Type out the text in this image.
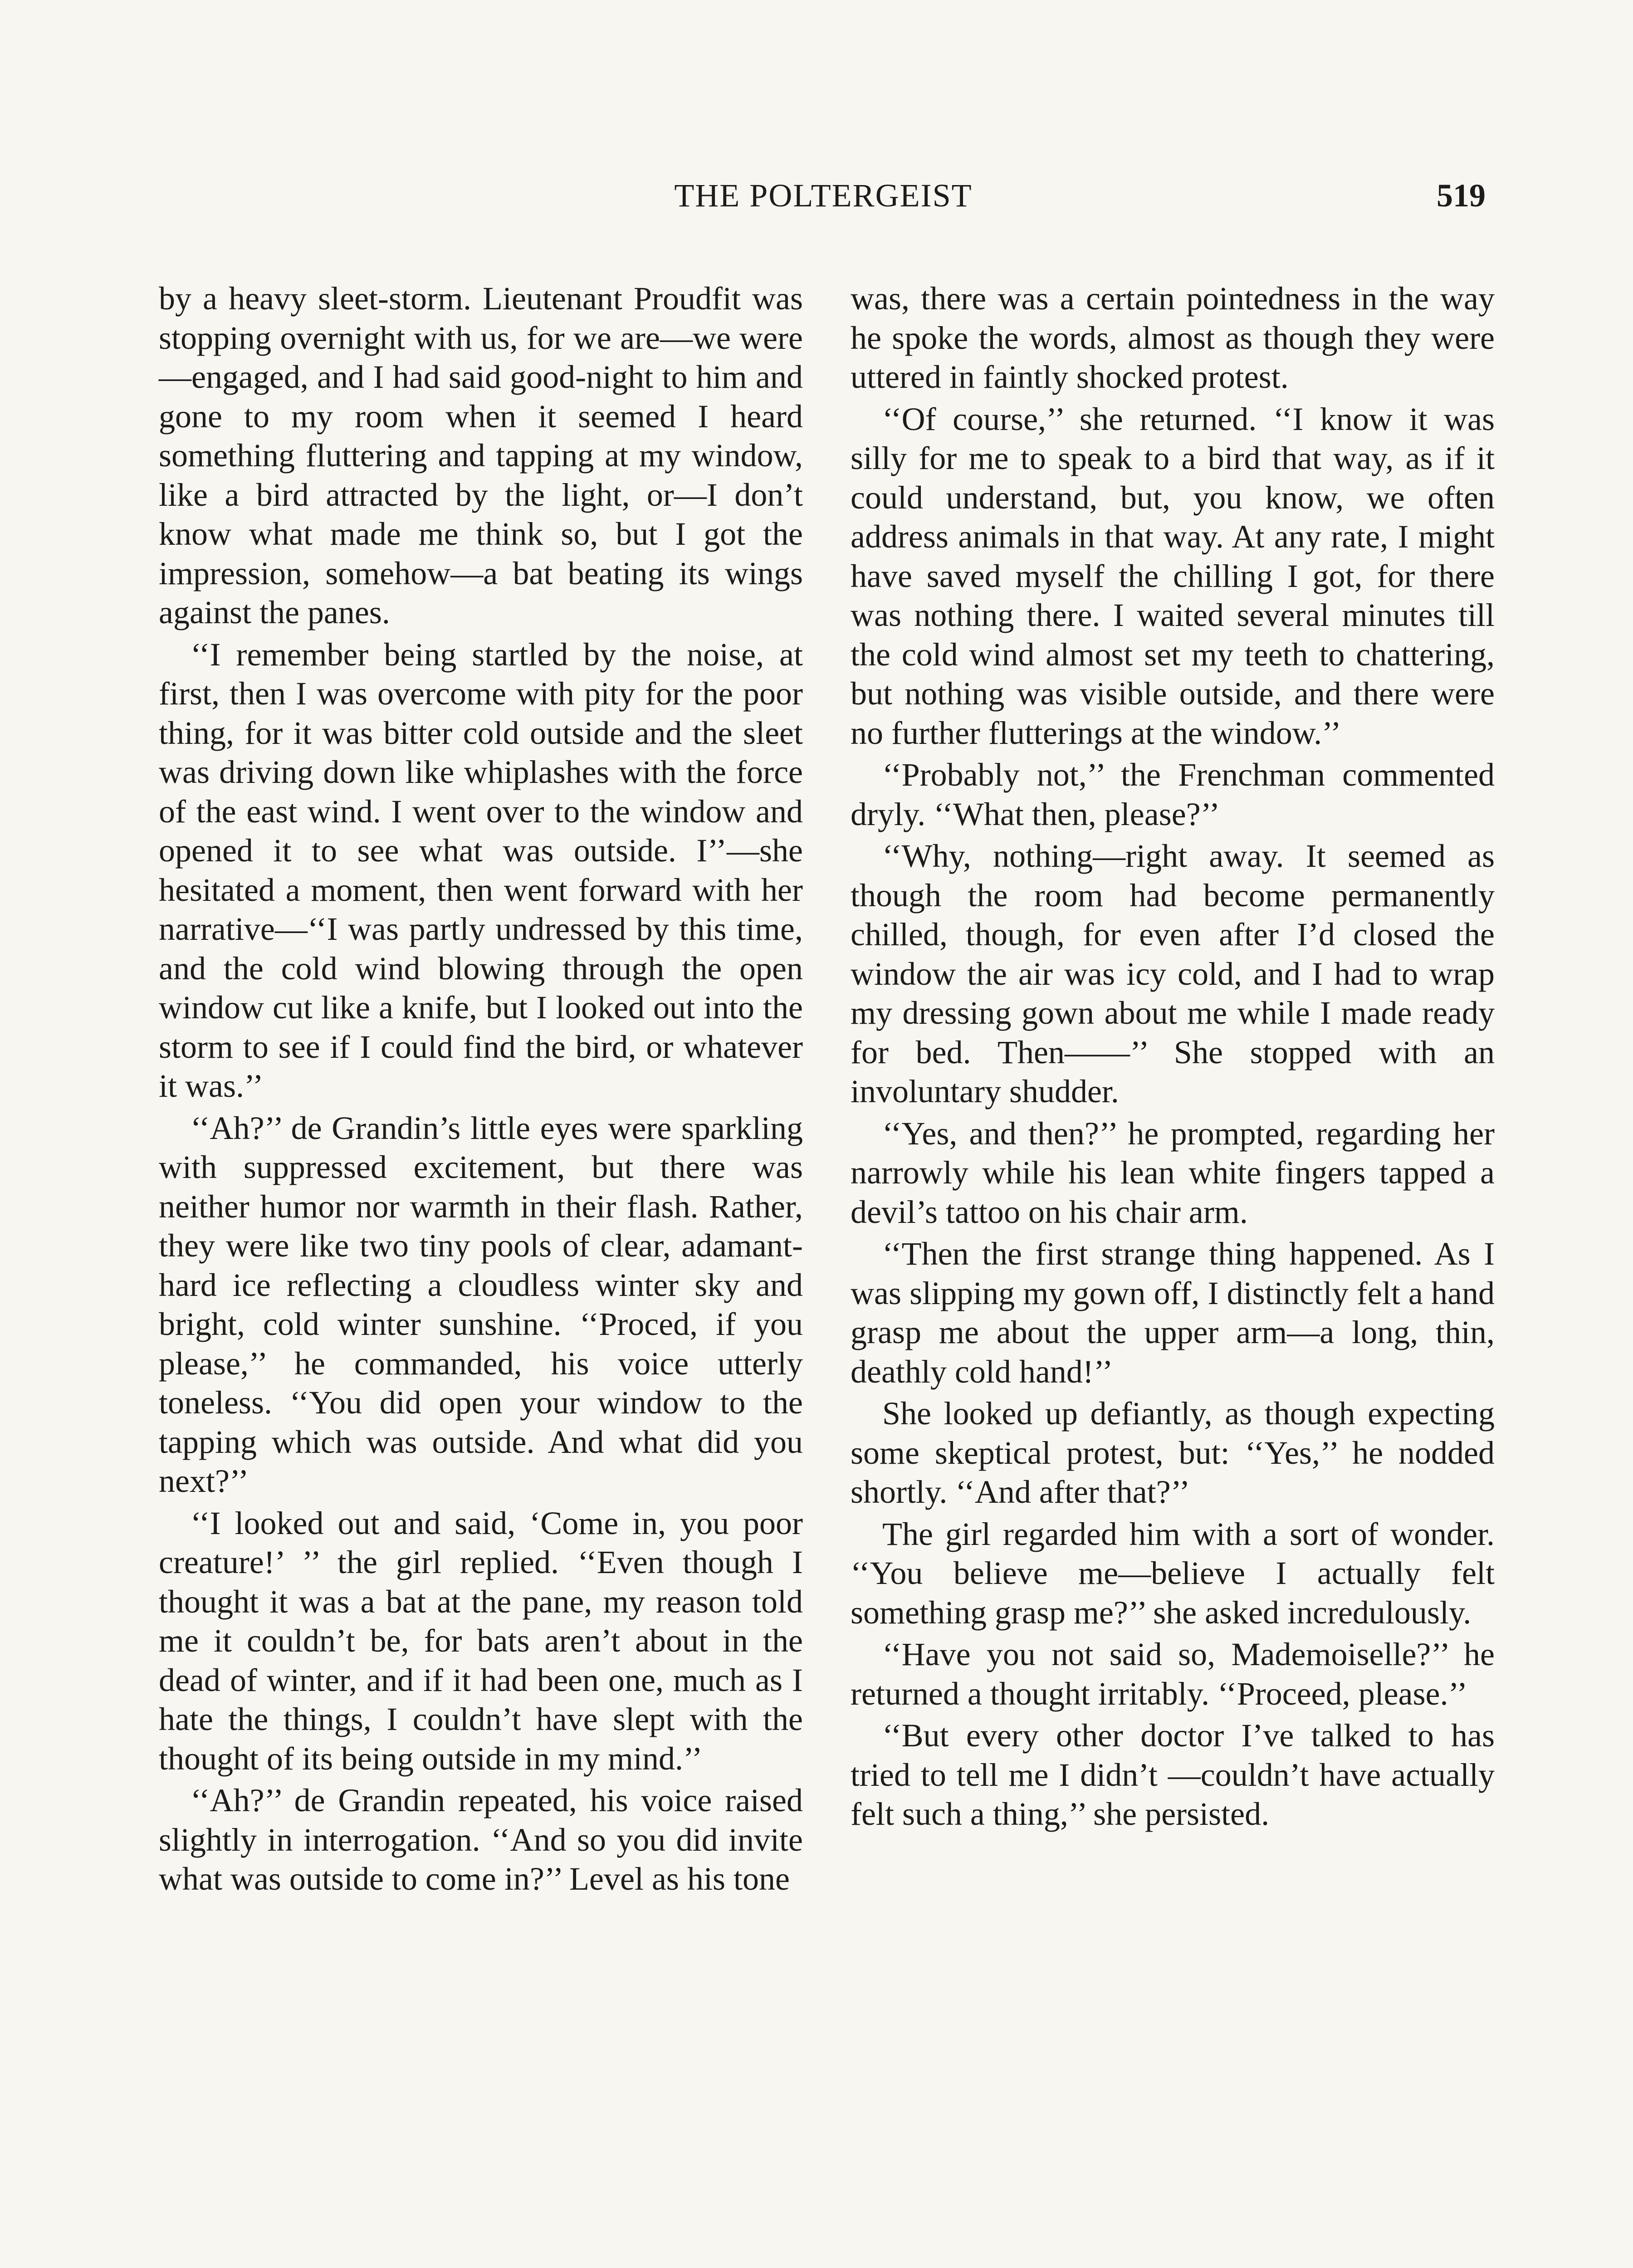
THE POLTERGEIST	519

by a heavy sleet-storm. Lieutenant Proudfit was stopping overnight with us, for we are—we were—engaged, and I had said good-night to him and gone to my room when it seemed I heard something fluttering and tapping at my window, like a bird attracted by the light, or—I don’t know what made me think so, but I got the impression, somehow—a bat beating its wings against the panes.

‘‘I remember being startled by the noise, at first, then I was overcome with pity for the poor thing, for it was bitter cold outside and the sleet was driving down like whiplashes with the force of the east wind. I went over to the window and opened it to see what was outside. I’’—she hesitated a moment, then went forward with her narrative—‘‘I was partly undressed by this time, and the cold wind blowing through the open window cut like a knife, but I looked out into the storm to see if I could find the bird, or whatever it was.’’

‘‘Ah?’’ de Grandin’s little eyes were sparkling with suppressed excitement, but there was neither humor nor warmth in their flash. Rather, they were like two tiny pools of clear, adamant-hard ice reflecting a cloudless winter sky and bright, cold winter sunshine. ‘‘Proced, if you please,’’ he commanded, his voice utterly toneless. ‘‘You did open your window to the tapping which was outside. And what did you next?’’

‘‘I looked out and said, ‘Come in, you poor creature!’ ’’ the girl replied. ‘‘Even though I thought it was a bat at the pane, my reason told me it couldn’t be, for bats aren’t about in the dead of winter, and if it had been one, much as I hate the things, I couldn’t have slept with the thought of its being outside in my mind.’’

‘‘Ah?’’ de Grandin repeated, his voice raised slightly in interrogation. ‘‘And so you did invite what was outside to come in?’’ Level as his tone

was, there was a certain pointedness in the way he spoke the words, almost as though they were uttered in faintly shocked protest.

‘‘Of course,’’ she returned. ‘‘I know it was silly for me to speak to a bird that way, as if it could understand, but, you know, we often address animals in that way. At any rate, I might have saved myself the chilling I got, for there was nothing there. I waited several minutes till the cold wind almost set my teeth to chattering, but nothing was visible outside, and there were no further flutterings at the window.’’

‘‘Probably not,’’ the Frenchman commented dryly. ‘‘What then, please?’’

‘‘Why, nothing—right away. It seemed as though the room had become permanently chilled, though, for even after I’d closed the window the air was icy cold, and I had to wrap my dressing gown about me while I made ready for bed. Then——’’ She stopped with an involuntary shudder.

‘‘Yes, and then?’’ he prompted, regarding her narrowly while his lean white fingers tapped a devil’s tattoo on his chair arm.

‘‘Then the first strange thing happened. As I was slipping my gown off, I distinctly felt a hand grasp me about the upper arm—a long, thin, deathly cold hand!’’

She looked up defiantly, as though expecting some skeptical protest, but: ‘‘Yes,’’ he nodded shortly. ‘‘And after that?’’

The girl regarded him with a sort of wonder. ‘‘You believe me—believe I actually felt something grasp me?’’ she asked incredulously.

‘‘Have you not said so, Mademoiselle?’’ he returned a thought irritably. ‘‘Proceed, please.’’

‘‘But every other doctor I’ve talked to has tried to tell me I didn’t —couldn’t have actually felt such a thing,’’ she persisted.
